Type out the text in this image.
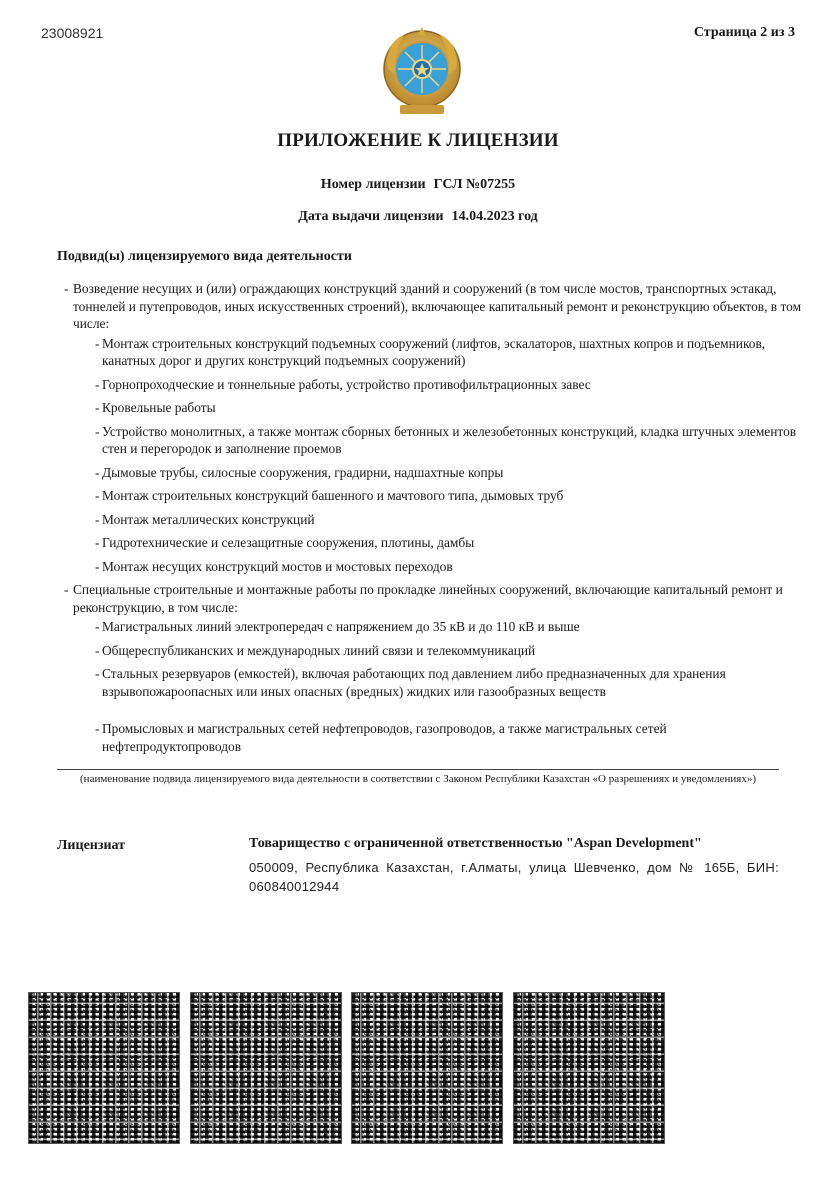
23008921	Страница 2 из 3
ПРИЛОЖЕНИЕ К ЛИЦЕНЗИИ
Номер лицензии ГСЛ №07255
Дата выдачи лицензии 14.04.2023 год
Подвид(ы) лицензируемого вида деятельности
- Возведение несущих и (или) ограждающих конструкций зданий и сооружений (в том числе мостов, транспортных эстакад, тоннелей и путепроводов, иных искусственных строений), включающее капитальный ремонт и реконструкцию объектов, в том числе:
- Монтаж строительных конструкций подъемных сооружений (лифтов, эскалаторов, шахтных копров и подъемников, канатных дорог и других конструкций подъемных сооружений)
- Горнопроходческие и тоннельные работы, устройство противофильтрационных завес
- Кровельные работы
- Устройство монолитных, а также монтаж сборных бетонных и железобетонных конструкций, кладка штучных элементов стен и перегородок и заполнение проемов
- Дымовые трубы, силосные сооружения, градирни, надшахтные копры
- Монтаж строительных конструкций башенного и мачтового типа, дымовых труб
- Монтаж металлических конструкций
- Гидротехнические и селезащитные сооружения, плотины, дамбы
- Монтаж несущих конструкций мостов и мостовых переходов
- Специальные строительные и монтажные работы по прокладке линейных сооружений, включающие капитальный ремонт и реконструкцию, в том числе:
- Магистральных линий электропередач с напряжением до 35 кВ и до 110 кВ и выше
- Общереспубликанских и международных линий связи и телекоммуникаций
- Стальных резервуаров (емкостей), включая работающих под давлением либо предназначенных для хранения взрывопожароопасных или иных опасных (вредных) жидких или газообразных веществ
- Промысловых и магистральных сетей нефтепроводов, газопроводов, а также магистральных сетей нефтепродуктопроводов
(наименование подвида лицензируемого вида деятельности в соответствии с Законом Республики Казахстан «О разрешениях и уведомлениях»)
Лицензиат	Товарищество с ограниченной ответственностью "Aspan Development"
050009, Республика Казахстан, г.Алматы, улица Шевченко, дом № 165Б, БИН: 060840012944
